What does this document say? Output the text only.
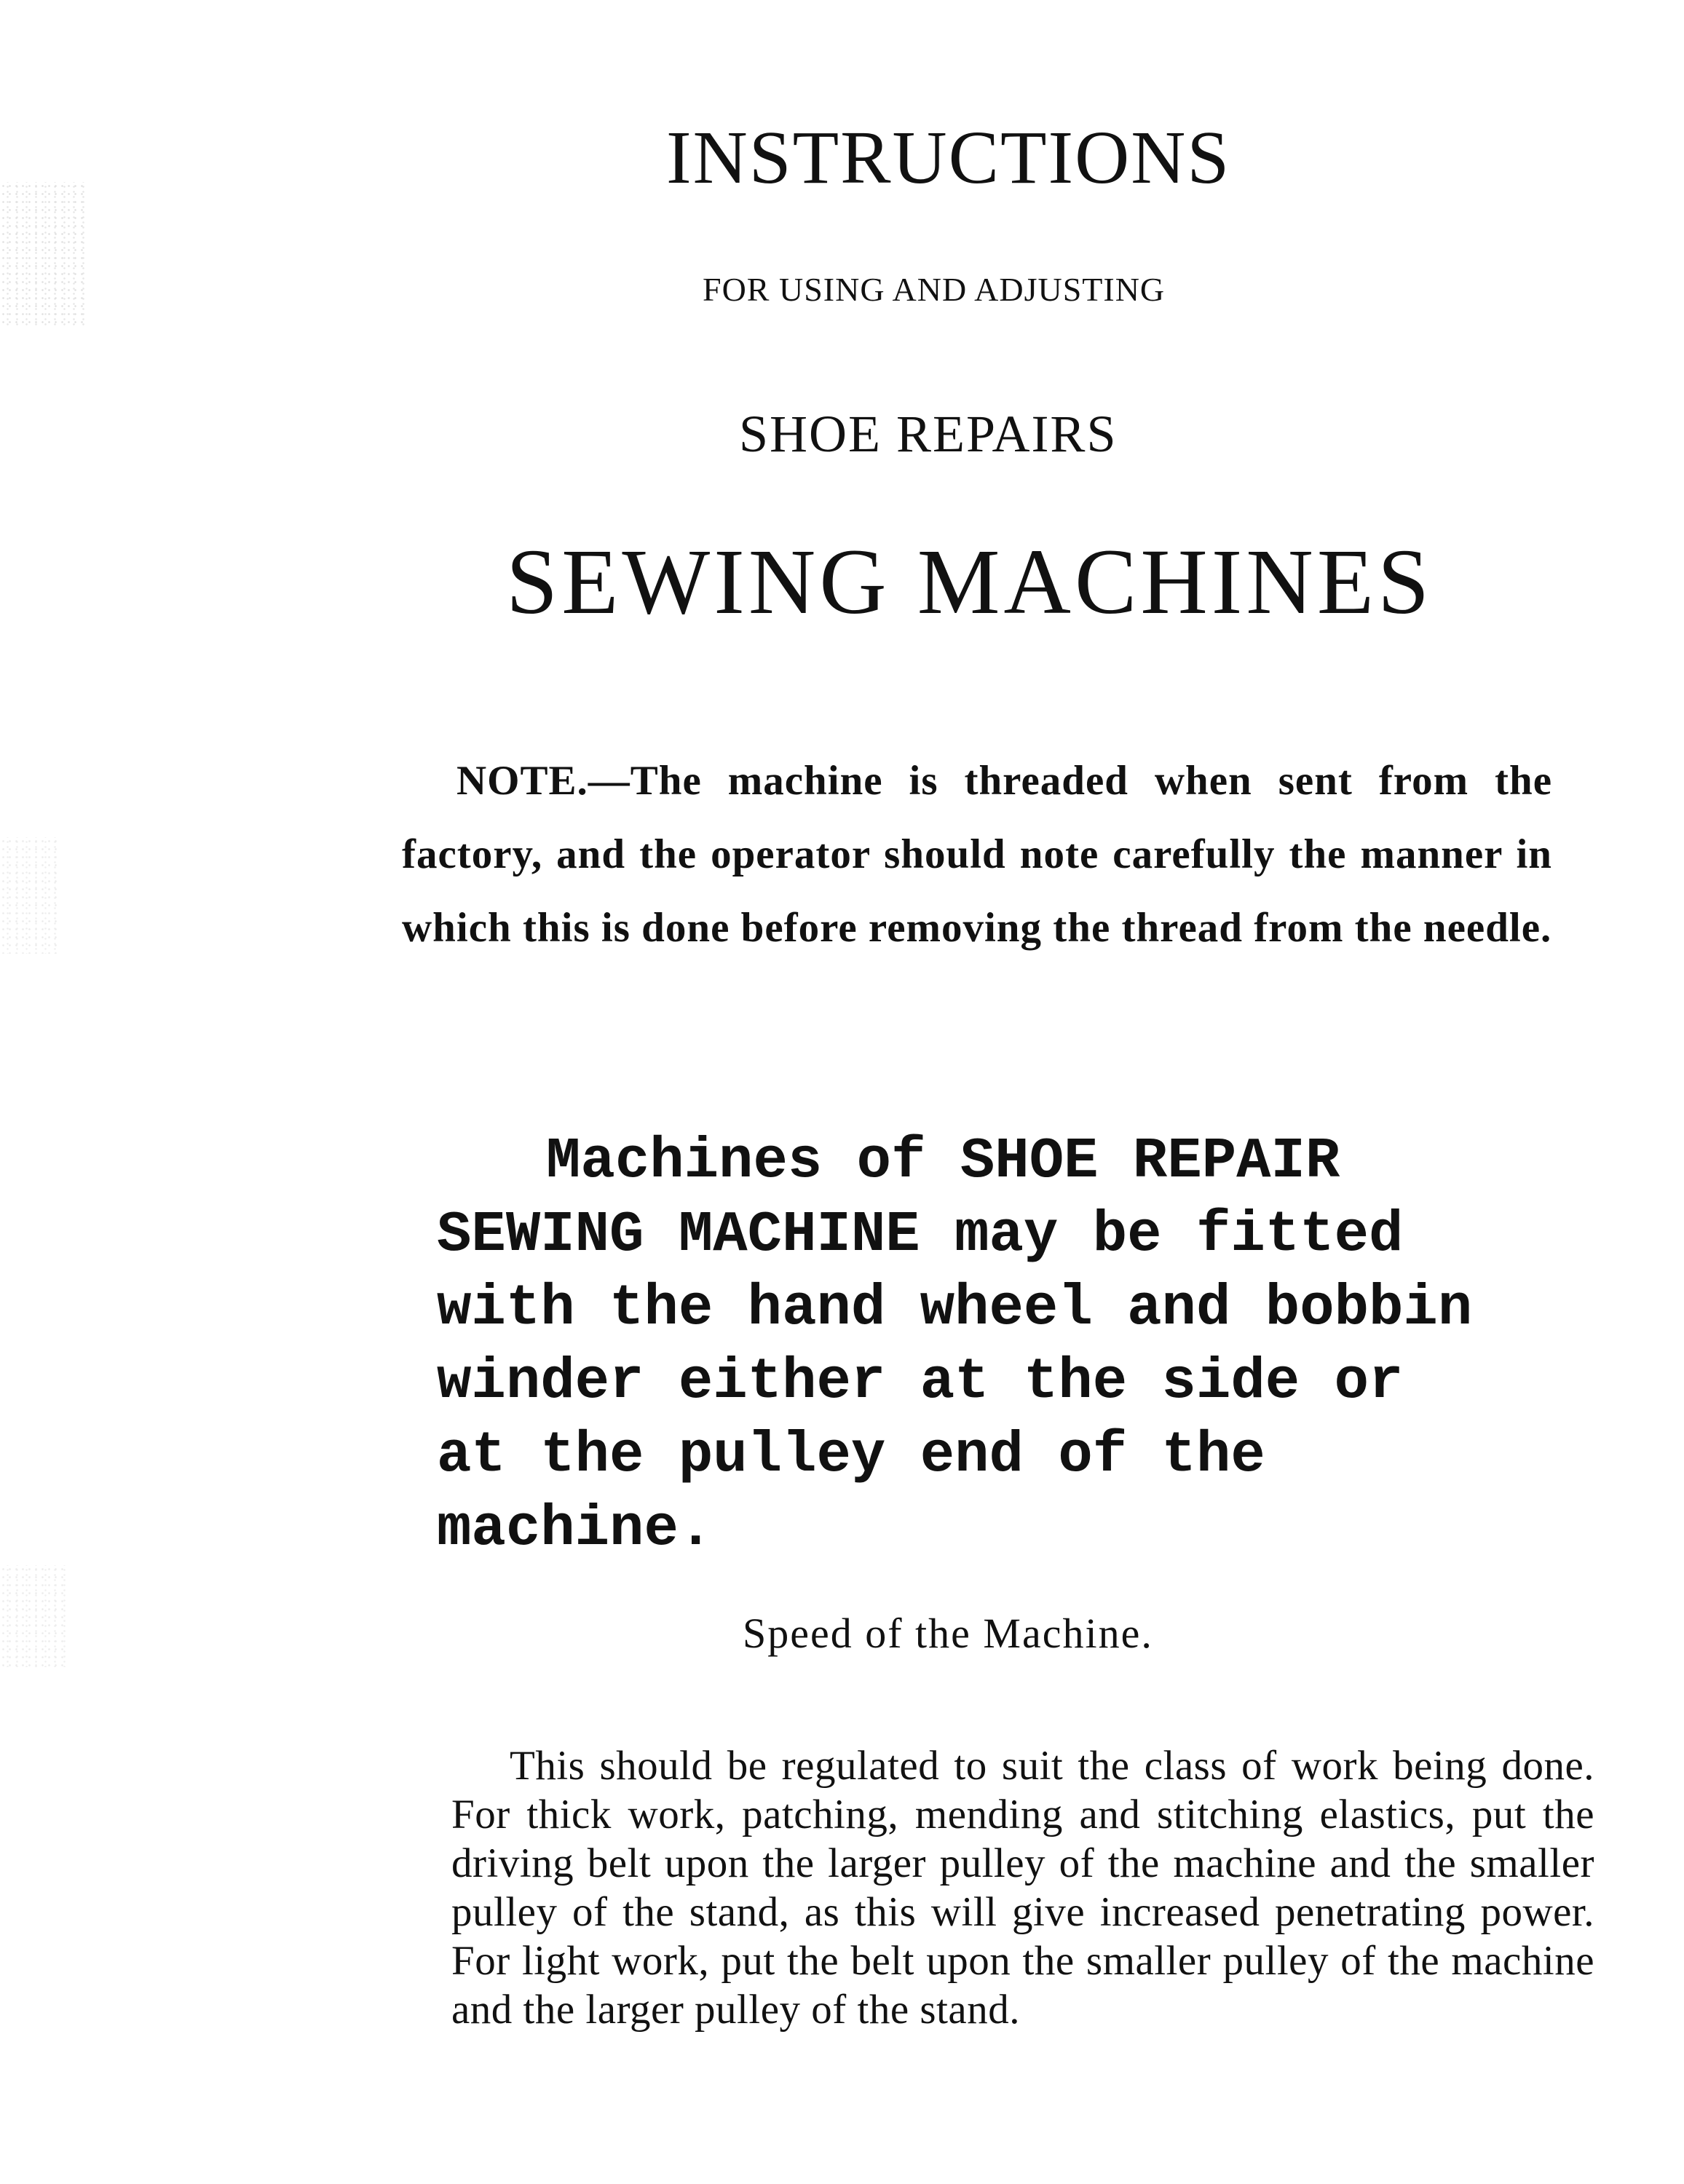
INSTRUCTIONS
FOR USING AND ADJUSTING
SHOE REPAIRS
SEWING MACHINES

NOTE.—The machine is threaded when sent from the factory, and the operator should note carefully the manner in which this is done before removing the thread from the needle.

Machines of SHOE REPAIR
SEWING MACHINE may be fitted
with the hand wheel and bobbin
winder either at the side or
at the pulley end of the
machine.
Speed of the Machine.

This should be regulated to suit the class of work being done. For thick work, patching, mending and stitching elastics, put the driving belt upon the larger pulley of the machine and the smaller pulley of the stand, as this will give increased penetrating power. For light work, put the belt upon the smaller pulley of the machine and the larger pulley of the stand.
